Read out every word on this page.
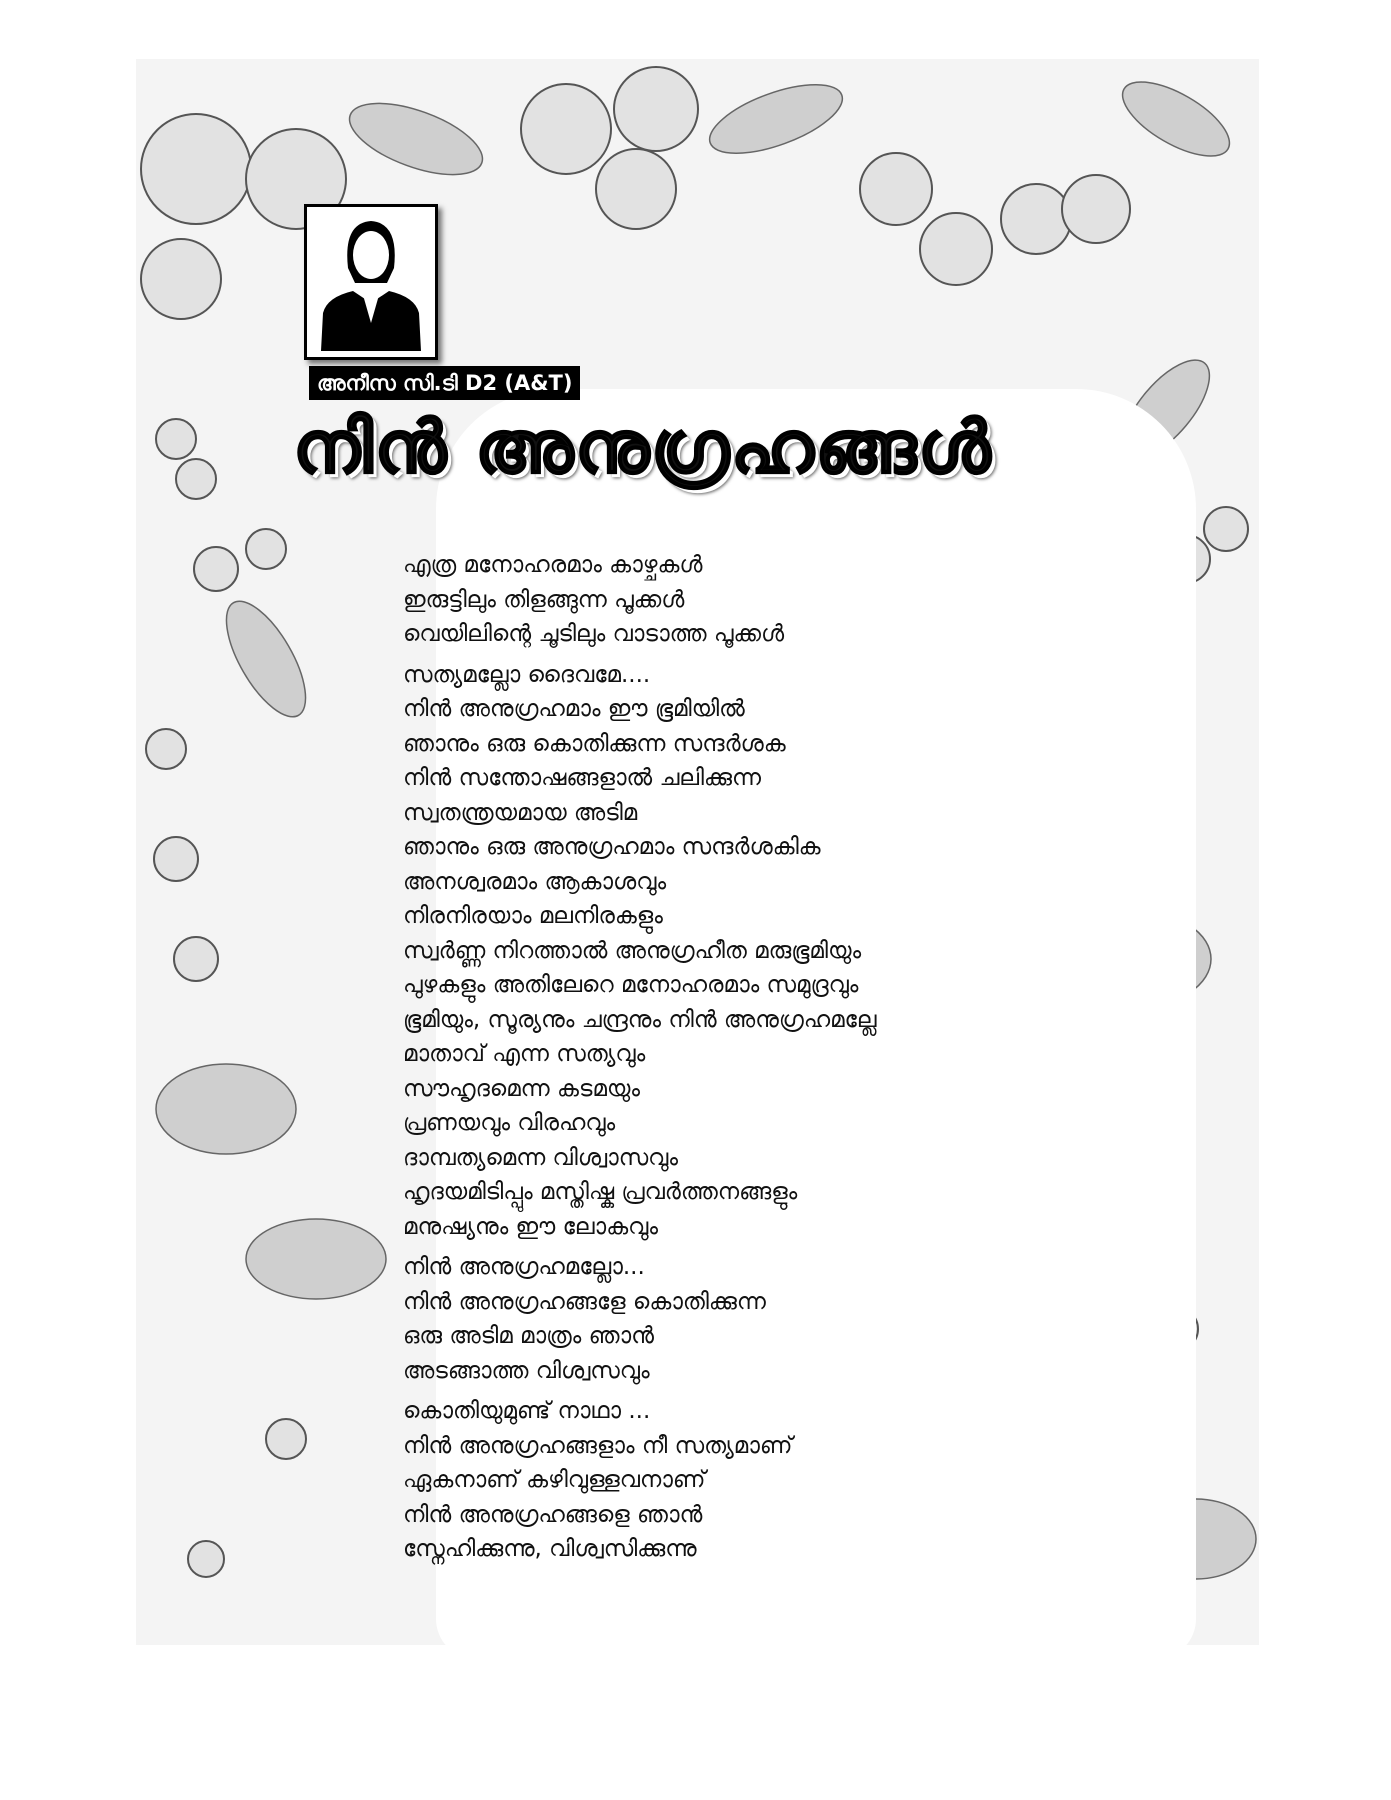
അനീസ സി.ടി D2 (A&T)
നിൻ അനുഗ്രഹങ്ങൾ
എത്ര മനോഹരമാം കാഴ്ചകൾ
ഇരുട്ടിലും തിളങ്ങുന്ന പൂക്കൾ
വെയിലിന്റെ ചൂടിലും വാടാത്ത പൂക്കൾ
സത്യമല്ലോ ദൈവമേ....
നിൻ അനുഗ്രഹമാം ഈ ഭൂമിയിൽ
ഞാനും ഒരു കൊതിക്കുന്ന സന്ദർശക
നിൻ സന്തോഷങ്ങളാൽ ചലിക്കുന്ന
സ്വതന്ത്രയമായ അടിമ
ഞാനും ഒരു അനുഗ്രഹമാം സന്ദർശകിക
അനശ്വരമാം ആകാശവും
നിരനിരയാം മലനിരകളും
സ്വർണ്ണ നിറത്താൽ അനുഗ്രഹീത മരുഭൂമിയും
പുഴകളും അതിലേറെ മനോഹരമാം സമുദ്രവും
ഭൂമിയും, സൂര്യനും ചന്ദ്രനും നിൻ അനുഗ്രഹമല്ലേ
മാതാവ് എന്ന സത്യവും
സൗഹൃദമെന്ന കടമയും
പ്രണയവും വിരഹവും
ദാമ്പത്യമെന്ന വിശ്വാസവും
ഹൃദയമിടിപ്പും മസ്തിഷ്ക പ്രവർത്തനങ്ങളും
മനുഷ്യനും ഈ ലോകവും
നിൻ അനുഗ്രഹമല്ലോ...
നിൻ അനുഗ്രഹങ്ങളേ കൊതിക്കുന്ന
ഒരു അടിമ മാത്രം ഞാൻ
അടങ്ങാത്ത വിശ്വസവും
കൊതിയുമുണ്ട് നാഥാ ...
നിൻ അനുഗ്രഹങ്ങളാം നീ സത്യമാണ്
ഏകനാണ് കഴിവുള്ളവനാണ്
നിൻ അനുഗ്രഹങ്ങളെ ഞാൻ
സ്നേഹിക്കുന്നു, വിശ്വസിക്കുന്നു
